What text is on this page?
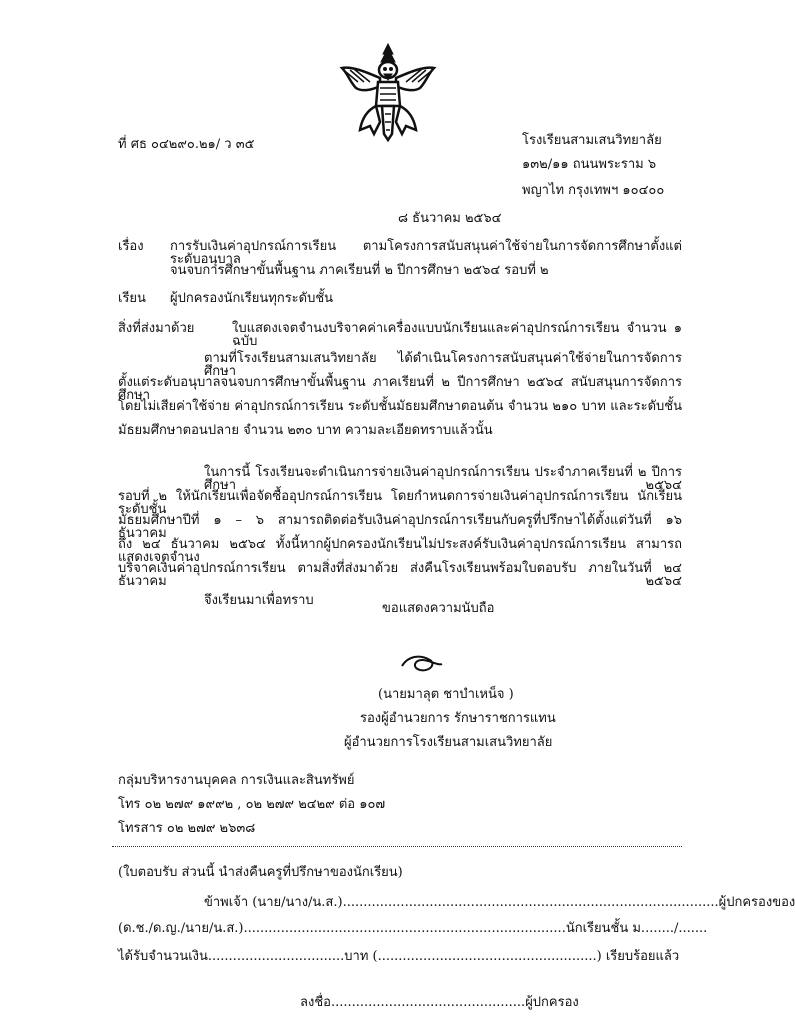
ที่ ศธ ๐๔๒๙๐.๒๑/ ว ๓๕	โรงเรียนสามเสนวิทยาลัย
๑๓๒/๑๑ ถนนพระราม ๖
พญาไท กรุงเทพฯ ๑๐๔๐๐
๘ ธันวาคม ๒๕๖๔
เรื่อง การรับเงินค่าอุปกรณ์การเรียน ตามโครงการสนับสนุนค่าใช้จ่ายในการจัดการศึกษาตั้งแต่ระดับอนุบาล
จนจบการศึกษาขั้นพื้นฐาน ภาคเรียนที่ ๒ ปีการศึกษา ๒๕๖๔ รอบที่ ๒
เรียน ผู้ปกครองนักเรียนทุกระดับชั้น
สิ่งที่ส่งมาด้วย	ใบแสดงเจตจำนงบริจาคค่าเครื่องแบบนักเรียนและค่าอุปกรณ์การเรียน จำนวน ๑ ฉบับ
ตามที่โรงเรียนสามเสนวิทยาลัย ได้ดำเนินโครงการสนับสนุนค่าใช้จ่ายในการจัดการศึกษา
ตั้งแต่ระดับอนุบาลจนจบการศึกษาขั้นพื้นฐาน ภาคเรียนที่ ๒ ปีการศึกษา ๒๕๖๔ สนับสนุนการจัดการศึกษา
โดยไม่เสียค่าใช้จ่าย ค่าอุปกรณ์การเรียน ระดับชั้นมัธยมศึกษาตอนต้น จำนวน ๒๑๐ บาท และระดับชั้น
มัธยมศึกษาตอนปลาย จำนวน ๒๓๐ บาท ความละเอียดทราบแล้วนั้น
ในการนี้ โรงเรียนจะดำเนินการจ่ายเงินค่าอุปกรณ์การเรียน ประจำภาคเรียนที่ ๒ ปีการศึกษา ๒๕๖๔
รอบที่ ๒ ให้นักเรียนเพื่อจัดซื้ออุปกรณ์การเรียน โดยกำหนดการจ่ายเงินค่าอุปกรณ์การเรียน นักเรียนระดับชั้น
มัธยมศึกษาปีที่ ๑ – ๖ สามารถติดต่อรับเงินค่าอุปกรณ์การเรียนกับครูที่ปรึกษาได้ตั้งแต่วันที่ ๑๖ ธันวาคม
ถึง ๒๔ ธันวาคม ๒๕๖๔ ทั้งนี้หากผู้ปกครองนักเรียนไม่ประสงค์รับเงินค่าอุปกรณ์การเรียน สามารถแสดงเจตจำนง
บริจาคเงินค่าอุปกรณ์การเรียน ตามสิ่งที่ส่งมาด้วย ส่งคืนโรงเรียนพร้อมใบตอบรับ ภายในวันที่ ๒๔ ธันวาคม ๒๕๖๔
จึงเรียนมาเพื่อทราบ
ขอแสดงความนับถือ
(นายมาลุต ชาบำเหน็จ )
รองผู้อำนวยการ รักษาราชการแทน
ผู้อำนวยการโรงเรียนสามเสนวิทยาลัย
กลุ่มบริหารงานบุคคล การเงินและสินทรัพย์
โทร ๐๒ ๒๗๙ ๑๙๙๒ , ๐๒ ๒๗๙ ๒๔๒๙ ต่อ ๑๐๗
โทรสาร ๐๒ ๒๗๙ ๒๖๓๘
(ใบตอบรับ ส่วนนี้ นำส่งคืนครูที่ปรึกษาของนักเรียน)
ข้าพเจ้า (นาย/นาง/น.ส.)...........................................................................................ผู้ปกครองของ
(ด.ช./ด.ญ./นาย/น.ส.)..............................................................................นักเรียนชั้น ม......../.......
ได้รับจำนวนเงิน.................................บาท (.....................................................) เรียบร้อยแล้ว
ลงชื่อ...............................................ผู้ปกครอง
